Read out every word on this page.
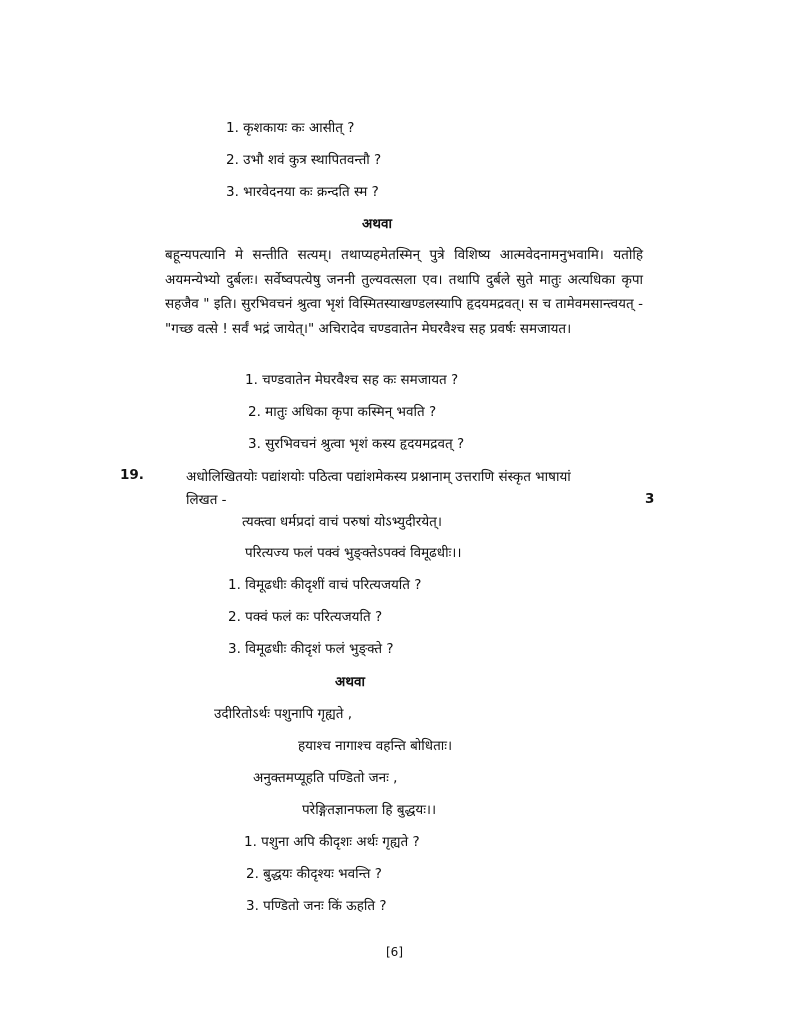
1. कृशकायः कः आसीत् ?
2. उभौ शवं कुत्र स्थापितवन्तौ ?
3. भारवेदनया कः क्रन्दति स्म ?
अथवा
बहून्यपत्यानि मे सन्तीति सत्यम्। तथाप्यहमेतस्मिन् पुत्रे विशिष्य आत्मवेदनामनुभवामि। यतोहि अयमन्येभ्यो दुर्बलः। सर्वेष्वपत्येषु जननी तुल्यवत्सला एव। तथापि दुर्बले सुते मातुः अत्यधिका कृपा सहजैव " इति। सुरभिवचनं श्रुत्वा भृशं विस्मितस्याखण्डलस्यापि हृदयमद्रवत्। स च तामेवमसान्त्वयत् - "गच्छ वत्से ! सर्वं भद्रं जायेत्।" अचिरादेव चण्डवातेन मेघरवैश्च सह प्रवर्षः समजायत।
1. चण्डवातेन मेघरवैश्च सह कः समजायत ?
2. मातुः अधिका कृपा कस्मिन् भवति ?
3. सुरभिवचनं श्रुत्वा भृशं कस्य हृदयमद्रवत् ?
19.	अधोलिखितयोः पद्यांशयोः पठित्वा पद्यांशमेकस्य प्रश्नानाम् उत्तराणि संस्कृत भाषायां
लिखत -	3
त्यक्त्वा धर्मप्रदां वाचं परुषां योऽभ्युदीरयेत्।
परित्यज्य फलं पक्वं भुङ्क्तेऽपक्वं विमूढधीः।।
1. विमूढधीः कीदृशीं वाचं परित्यजयति ?
2. पक्वं फलं कः परित्यजयति ?
3. विमूढधीः कीदृशं फलं भुङ्क्ते ?
अथवा
उदीरितोऽर्थः पशुनापि गृह्यते ,
हयाश्च नागाश्च वहन्ति बोधिताः।
अनुक्तमप्यूहति पण्डितो जनः ,
परेङ्गितज्ञानफला हि बुद्धयः।।
1. पशुना अपि कीदृशः अर्थः गृह्यते ?
2. बुद्धयः कीदृश्यः भवन्ति ?
3. पण्डितो जनः किं ऊहति ?
[6]
